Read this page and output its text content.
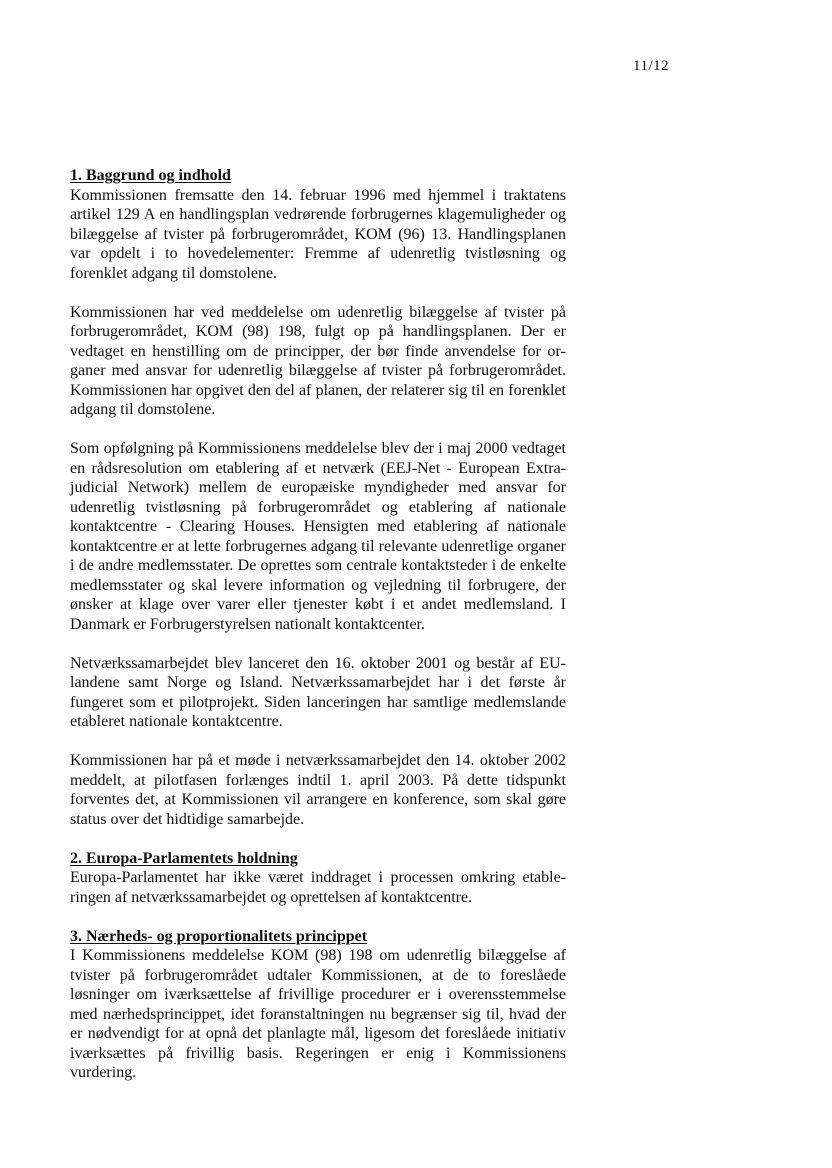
11/12
1. Baggrund og indhold

Kommissionen fremsatte den 14. februar 1996 med hjemmel i traktatens artikel 129 A en handlingsplan vedrørende forbrugernes klagemuligheder og bilæggelse af tvister på forbrugerområdet, KOM (96) 13. Handlingsplanen var opdelt i to hovedelementer: Fremme af udenretlig tvistløsning og forenklet adgang til domstolene.

Kommissionen har ved meddelelse om udenretlig bilæggelse af tvister på forbrugerområdet, KOM (98) 198, fulgt op på handlingsplanen. Der er vedtaget en henstilling om de principper, der bør finde anvendelse for organer med ansvar for udenretlig bilæggelse af tvister på forbrugerområdet. Kommissionen har opgivet den del af planen, der relaterer sig til en forenklet adgang til domstolene.

Som opfølgning på Kommissionens meddelelse blev der i maj 2000 vedtaget en rådsresolution om etablering af et netværk (EEJ-Net - European Extra-judicial Network) mellem de europæiske myndigheder med ansvar for udenretlig tvistløsning på forbrugerområdet og etablering af nationale kontaktcentre - Clearing Houses. Hensigten med etablering af nationale kontaktcentre er at lette forbrugernes adgang til relevante udenretlige organer i de andre medlemsstater. De oprettes som centrale kontaktsteder i de enkelte medlemsstater og skal levere information og vejledning til forbrugere, der ønsker at klage over varer eller tjenester købt i et andet medlemsland. I Danmark er Forbrugerstyrelsen nationalt kontaktcenter.

Netværkssamarbejdet blev lanceret den 16. oktober 2001 og består af EU-landene samt Norge og Island. Netværkssamarbejdet har i det første år fungeret som et pilotprojekt. Siden lanceringen har samtlige medlemslande etableret nationale kontaktcentre.

Kommissionen har på et møde i netværkssamarbejdet den 14. oktober 2002 meddelt, at pilotfasen forlænges indtil 1. april 2003. På dette tidspunkt forventes det, at Kommissionen vil arrangere en konference, som skal gøre status over det hidtidige samarbejde.

2. Europa-Parlamentets holdning

Europa-Parlamentet har ikke været inddraget i processen omkring etableringen af netværkssamarbejdet og oprettelsen af kontaktcentre.

3. Nærheds- og proportionalitets princippet

I Kommissionens meddelelse KOM (98) 198 om udenretlig bilæggelse af tvister på forbrugerområdet udtaler Kommissionen, at de to foreslåede løsninger om iværksættelse af frivillige procedurer er i overensstemmelse med nærhedsprincippet, idet foranstaltningen nu begrænser sig til, hvad der er nødvendigt for at opnå det planlagte mål, ligesom det foreslåede initiativ iværksættes på frivillig basis. Regeringen er enig i Kommissionens vurdering.
